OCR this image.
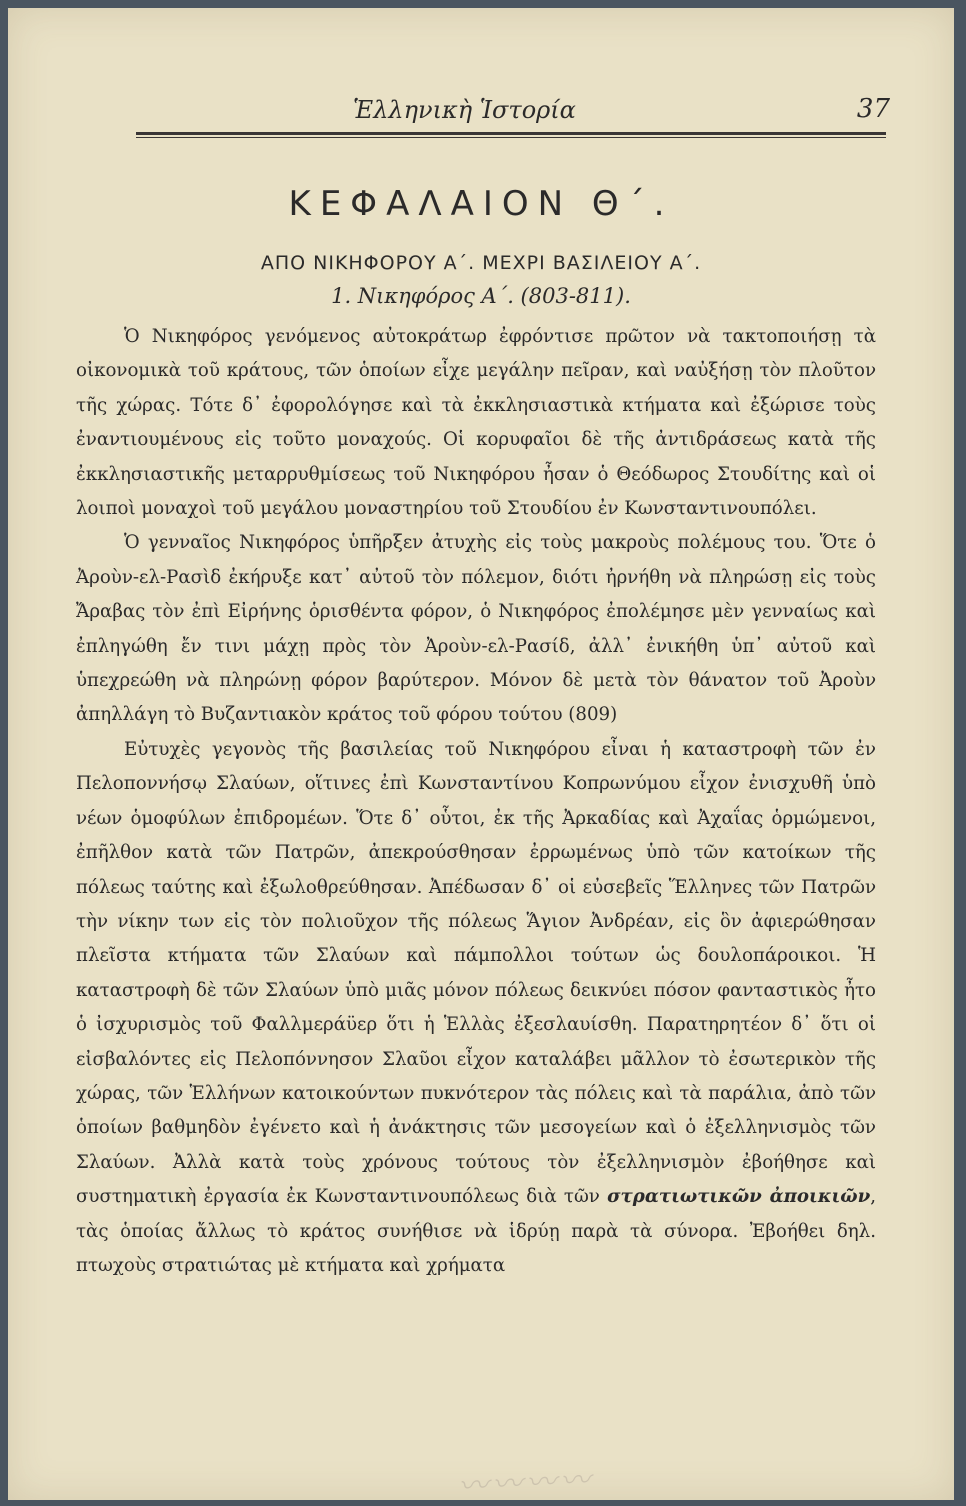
Ἑλληνικὴ Ἱστορία	37
ΚΕΦΑΛΑΙΟΝ Θ΄.
ΑΠΟ ΝΙΚΗΦΟΡΟΥ Α΄. ΜΕΧΡΙ ΒΑΣΙΛΕΙΟΥ Α΄.
1. Νικηφόρος Α΄. (803-811).

Ὁ Νικηφόρος γενόμενος αὐτοκράτωρ ἐφρόντισε πρῶτον νὰ τακτοποιήσῃ τὰ οἰκονομικὰ τοῦ κράτους, τῶν ὁποίων εἶχε μεγάλην πεῖραν, καὶ ναὐξήσῃ τὸν πλοῦτον τῆς χώρας. Τότε δ᾽ ἐφορολόγησε καὶ τὰ ἐκκλησιαστικὰ κτήματα καὶ ἐξώρισε τοὺς ἐναντιουμένους εἰς τοῦτο μοναχούς. Οἱ κορυφαῖοι δὲ τῆς ἀντιδράσεως κατὰ τῆς ἐκκλησιαστικῆς μεταρρυθμίσεως τοῦ Νικηφόρου ἦσαν ὁ Θεόδωρος Στουδίτης καὶ οἱ λοιποὶ μοναχοὶ τοῦ μεγάλου μοναστηρίου τοῦ Στουδίου ἐν Κωνσταντινουπόλει.

Ὁ γενναῖος Νικηφόρος ὑπῆρξεν ἀτυχὴς εἰς τοὺς μακροὺς πολέμους του. Ὅτε ὁ Ἀροὺν-ελ-Ρασὶδ ἐκήρυξε κατ᾽ αὐτοῦ τὸν πόλεμον, διότι ἠρνήθη νὰ πληρώσῃ εἰς τοὺς Ἄραβας τὸν ἐπὶ Εἰρήνης ὁρισθέντα φόρον, ὁ Νικηφόρος ἐπολέμησε μὲν γενναίως καὶ ἐπληγώθη ἔν τινι μάχῃ πρὸς τὸν Ἀροὺν-ελ-Ρασίδ, ἀλλ᾽ ἐνικήθη ὑπ᾽ αὐτοῦ καὶ ὑπεχρεώθη νὰ πληρώνῃ φόρον βαρύτερον. Μόνον δὲ μετὰ τὸν θάνατον τοῦ Ἀροὺν ἀπηλλάγη τὸ Βυζαντιακὸν κράτος τοῦ φόρου τούτου (809)

Εὐτυχὲς γεγονὸς τῆς βασιλείας τοῦ Νικηφόρου εἶναι ἡ καταστροφὴ τῶν ἐν Πελοποννήσῳ Σλαύων, οἵτινες ἐπὶ Κωνσταντίνου Κοπρωνύμου εἶχον ἐνισχυθῆ ὑπὸ νέων ὁμοφύλων ἐπιδρομέων. Ὅτε δ᾽ οὗτοι, ἐκ τῆς Ἀρκαδίας καὶ Ἀχαΐας ὁρμώμενοι, ἐπῆλθον κατὰ τῶν Πατρῶν, ἀπεκρούσθησαν ἐρρωμένως ὑπὸ τῶν κατοίκων τῆς πόλεως ταύτης καὶ ἐξωλοθρεύθησαν. Ἀπέδωσαν δ᾽ οἱ εὐσεβεῖς Ἕλληνες τῶν Πατρῶν τὴν νίκην των εἰς τὸν πολιοῦχον τῆς πόλεως Ἅγιον Ἀνδρέαν, εἰς ὃν ἀφιερώθησαν πλεῖστα κτήματα τῶν Σλαύων καὶ πάμπολλοι τούτων ὡς δουλοπάροικοι. Ἡ καταστροφὴ δὲ τῶν Σλαύων ὑπὸ μιᾶς μόνον πόλεως δεικνύει πόσον φανταστικὸς ἦτο ὁ ἰσχυρισμὸς τοῦ Φαλλμεράϋερ ὅτι ἡ Ἑλλὰς ἐξεσλαυίσθη. Παρατηρητέον δ᾽ ὅτι οἱ εἰσβαλόντες εἰς Πελοπόννησον Σλαῦοι εἶχον καταλάβει μᾶλλον τὸ ἐσωτερικὸν τῆς χώρας, τῶν Ἑλλήνων κατοικούντων πυκνότερον τὰς πόλεις καὶ τὰ παράλια, ἀπὸ τῶν ὁποίων βαθμηδὸν ἐγένετο καὶ ἡ ἀνάκτησις τῶν μεσογείων καὶ ὁ ἐξελληνισμὸς τῶν Σλαύων. Ἀλλὰ κατὰ τοὺς χρόνους τούτους τὸν ἐξελληνισμὸν ἐβοήθησε καὶ συστηματικὴ ἐργασία ἐκ Κωνσταντινουπόλεως διὰ τῶν στρατιωτικῶν ἀποικιῶν, τὰς ὁποίας ἄλλως τὸ κράτος συνήθισε νὰ ἱδρύῃ παρὰ τὰ σύνορα. Ἐβοήθει δηλ. πτωχοὺς στρατιώτας μὲ κτήματα καὶ χρήματα

〰〰〰〰
